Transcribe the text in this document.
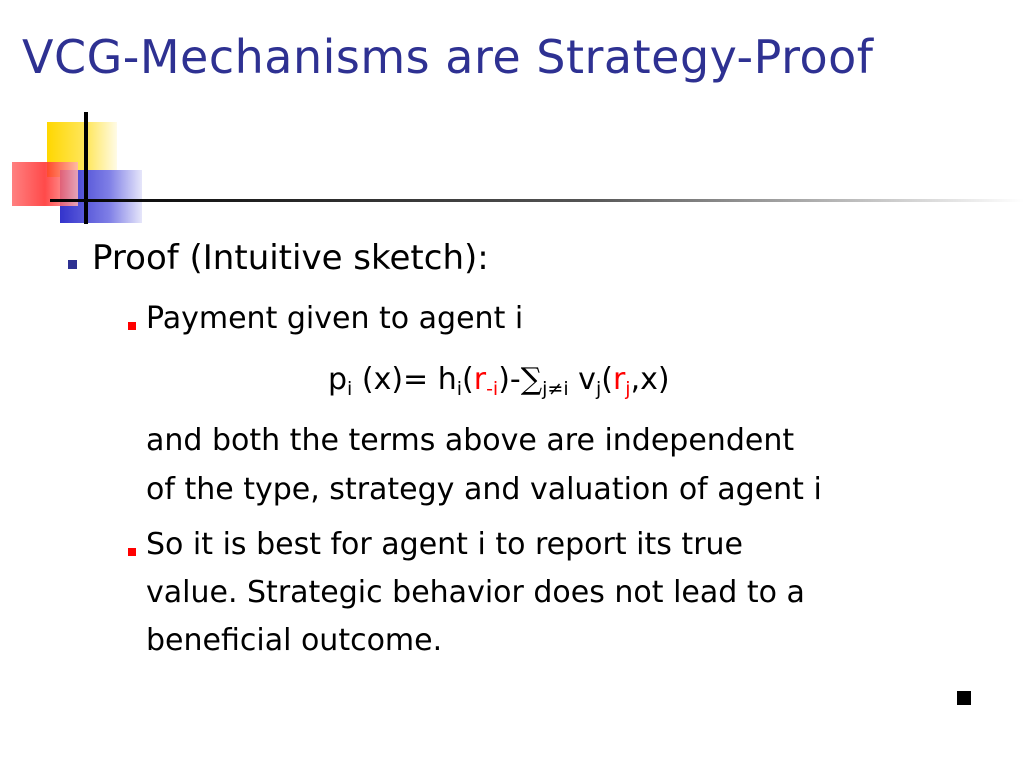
VCG-Mechanisms are Strategy-Proof
Proof (Intuitive sketch):
Payment given to agent i
$p_i$ $(x)= h_i(r_{-i})-\sum_{j\ne i}$ $v_j(r_j,x)$
and both the terms above are independent
of the type, strategy and valuation of agent i
So it is best for agent i to report its true
value. Strategic behavior does not lead to a
beneficial outcome.
